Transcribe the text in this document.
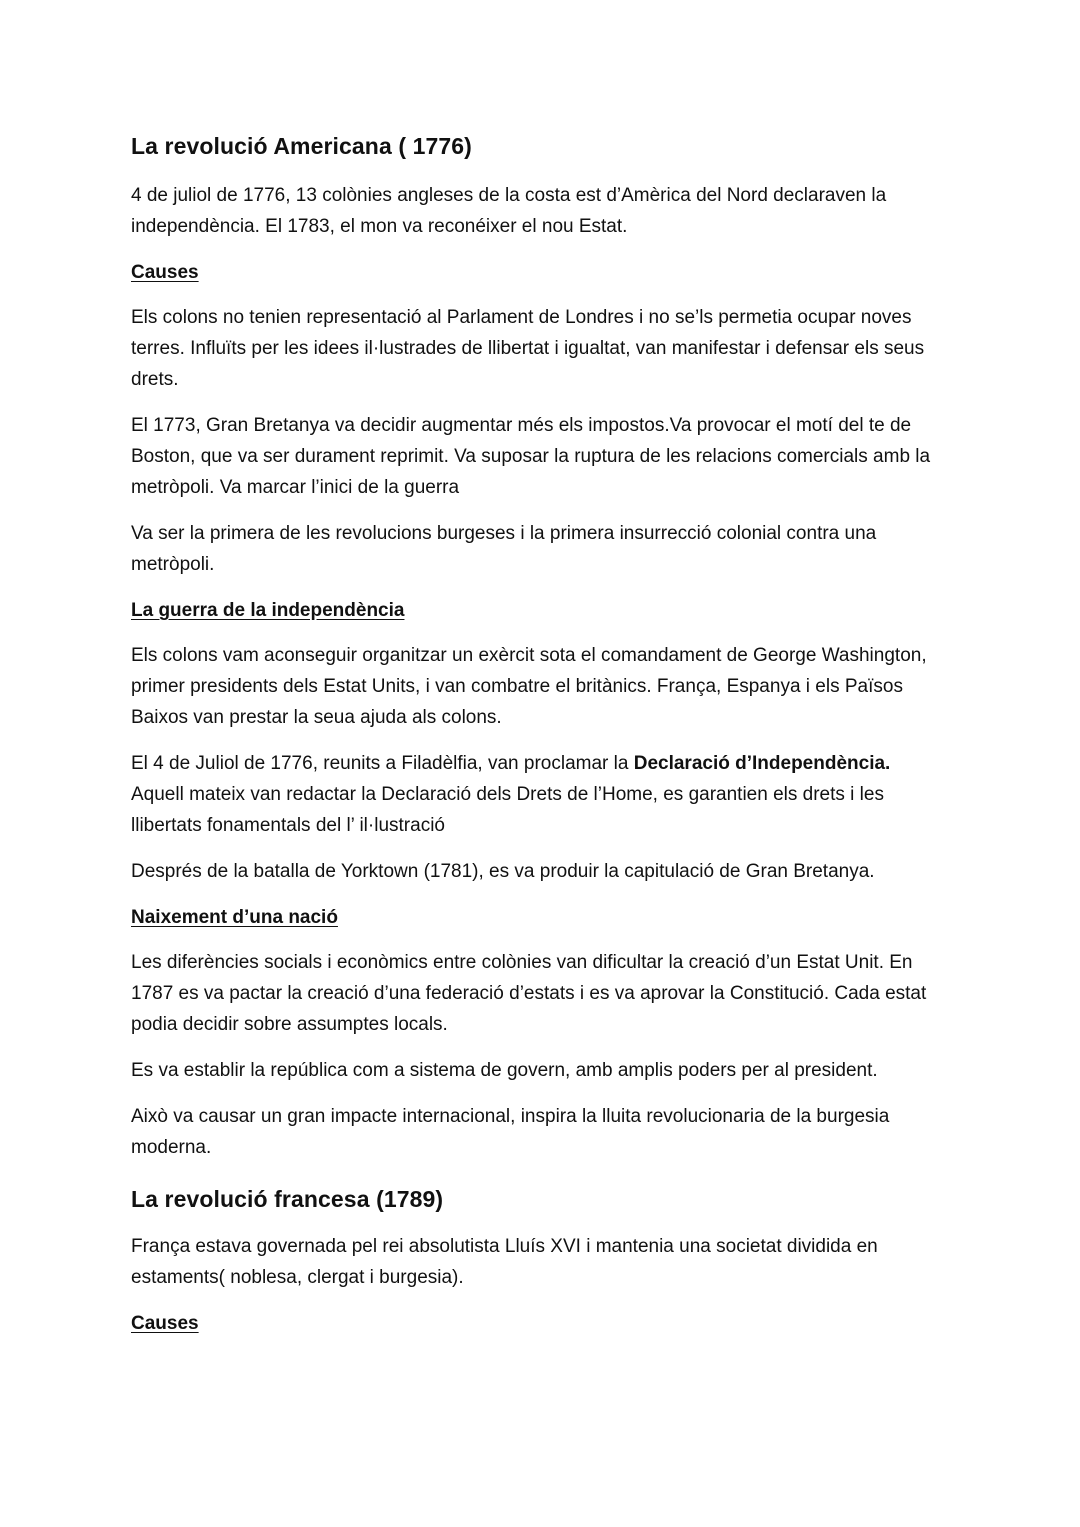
La revolució Americana ( 1776)

4 de juliol de 1776, 13 colònies angleses de la costa est d’Amèrica del Nord declaraven la independència. El 1783, el mon va reconéixer el nou Estat.

Causes

Els colons no tenien representació al Parlament de Londres i no se’ls permetia ocupar noves terres. Influïts per les idees il·lustrades de llibertat i igualtat, van manifestar i defensar els seus drets.

El 1773, Gran Bretanya va decidir augmentar més els impostos.Va provocar el motí del te de Boston, que va ser durament reprimit. Va suposar la ruptura de les relacions comercials amb la metròpoli. Va marcar l’inici de la guerra

Va ser la primera de les revolucions burgeses i la primera insurrecció colonial contra una metròpoli.

La guerra de la independència

Els colons vam aconseguir organitzar un exèrcit sota el comandament de George Washington, primer presidents dels Estat Units, i van combatre el britànics. França, Espanya i els Països Baixos van prestar la seua ajuda als colons.

El 4 de Juliol de 1776, reunits a Filadèlfia, van proclamar la Declaració d’Independència. Aquell mateix van redactar la Declaració dels Drets de l’Home, es garantien els drets i les llibertats fonamentals del l’ il·lustració

Després de la batalla de Yorktown (1781), es va produir la capitulació de Gran Bretanya.

Naixement d’una nació

Les diferències socials i econòmics entre colònies van dificultar la creació d’un Estat Unit. En 1787 es va pactar la creació d’una federació d’estats i es va aprovar la Constitució. Cada estat podia decidir sobre assumptes locals.

Es va establir la república com a sistema de govern, amb amplis poders per al president.

Això va causar un gran impacte internacional, inspira la lluita revolucionaria de la burgesia moderna.

La revolució francesa (1789)

França estava governada pel rei absolutista Lluís XVI i mantenia una societat dividida en estaments( noblesa, clergat i burgesia).

Causes
